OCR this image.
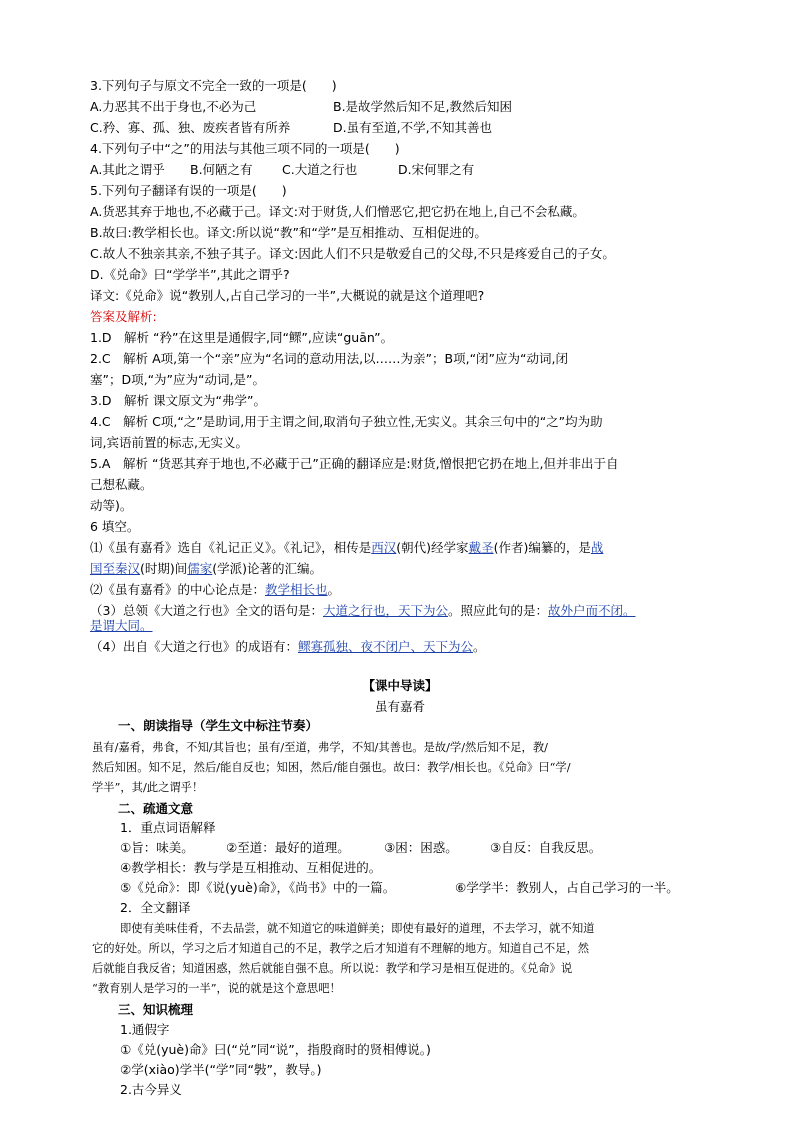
3.下列句子与原文不完全一致的一项是(　　)
A.力恶其不出于身也,不必为己	B.是故学然后知不足,教然后知困
C.矜、寡、孤、独、废疾者皆有所养	D.虽有至道,不学,不知其善也
4.下列句子中“之”的用法与其他三项不同的一项是(　　)
A.其此之谓乎 B.何陋之有 C.大道之行也	D.宋何罪之有
5.下列句子翻译有误的一项是(　　)
A.货恶其弃于地也,不必藏于己。译文:对于财货,人们憎恶它,把它扔在地上,自己不会私藏。
B.故曰:教学相长也。译文:所以说“教”和“学”是互相推动、互相促进的。
C.故人不独亲其亲,不独子其子。译文:因此人们不只是敬爱自己的父母,不只是疼爱自己的子女。
D.《兑命》曰“学学半”,其此之谓乎?
译文:《兑命》说“教别人,占自己学习的一半”,大概说的就是这个道理吧?
答案及解析:
1.D　解析 “矜”在这里是通假字,同“鳏”,应读“guān”。
2.C　解析 A项,第一个“亲”应为“名词的意动用法,以……为亲”；B项,“闭”应为“动词,闭
塞”；D项,“为”应为“动词,是”。
3.D　解析 课文原文为“弗学”。
4.C　解析 C项,“之”是助词,用于主谓之间,取消句子独立性,无实义。其余三句中的“之”均为助
词,宾语前置的标志,无实义。
5.A　解析 “货恶其弃于地也,不必藏于己”正确的翻译应是:财货,憎恨把它扔在地上,但并非出于自
己想私藏。
动等)。
6 填空。
⑴《虽有嘉肴》选自《礼记正义》。《礼记》，相传是西汉(朝代)经学家戴圣(作者)编纂的，是战
国至秦汉(时期)间儒家(学派)论著的汇编。
⑵《虽有嘉肴》的中心论点是：教学相长也。
（3）总领《大道之行也》全文的语句是：大道之行也，天下为公。照应此句的是：故外户而不闭。
是谓大同。
（4）出自《大道之行也》的成语有：鳏寡孤独、夜不闭户、天下为公。
【课中导读】
虽有嘉肴
一、朗读指导（学生文中标注节奏）
虽有/嘉肴，弗食，不知/其旨也；虽有/至道，弗学，不知/其善也。是故/学/然后知不足，教/
然后知困。知不足，然后/能自反也；知困，然后/能自强也。故曰：教学/相长也。《兑命》曰“学/
学半”，其/此之谓乎！
二、疏通文意
1．重点词语解释
①旨：味美。	②至道：最好的道理。	③困：困惑。	③自反：自我反思。
④教学相长：教与学是互相推动、互相促进的。
⑤《兑命》：即《说(yuè)命》，《尚书》中的一篇。	⑥学学半：教别人，占自己学习的一半。
2．全文翻译
即使有美味佳肴，不去品尝，就不知道它的味道鲜美；即使有最好的道理，不去学习，就不知道
它的好处。所以，学习之后才知道自己的不足，教学之后才知道有不理解的地方。知道自己不足，然
后就能自我反省；知道困惑，然后就能自强不息。所以说：教学和学习是相互促进的。《兑命》说
“教育别人是学习的一半”，说的就是这个意思吧！
三、知识梳理
1.通假字
①《兑(yuè)命》曰(“兑”同“说”，指殷商时的贤相傅说。)
②学(xiào)学半(“学”同“斅”，教导。)
2.古今异义
